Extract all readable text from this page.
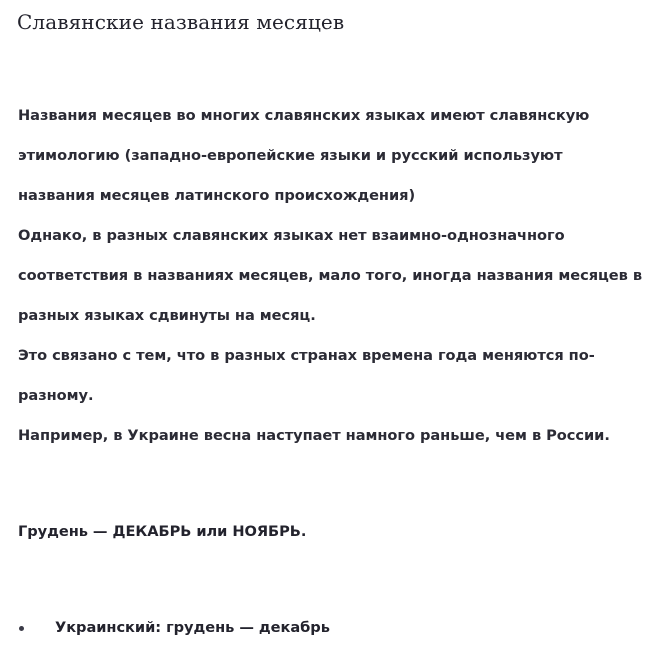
Славянские названия месяцев

Названия месяцев во многих славянских языках имеют славянскую этимологию (западно-европейские языки и русский используют названия месяцев латинского происхождения)

Однако, в разных славянских языках нет взаимно-однозначного соответствия в названиях месяцев, мало того, иногда названия месяцев в разных языках сдвинуты на месяц.

Это связано с тем, что в разных странах времена года меняются по-разному.

Например, в Украине весна наступает намного раньше, чем в России.

Грудень — ДЕКАБРЬ или НОЯБРЬ.

Украинский: грудень — декабрь
